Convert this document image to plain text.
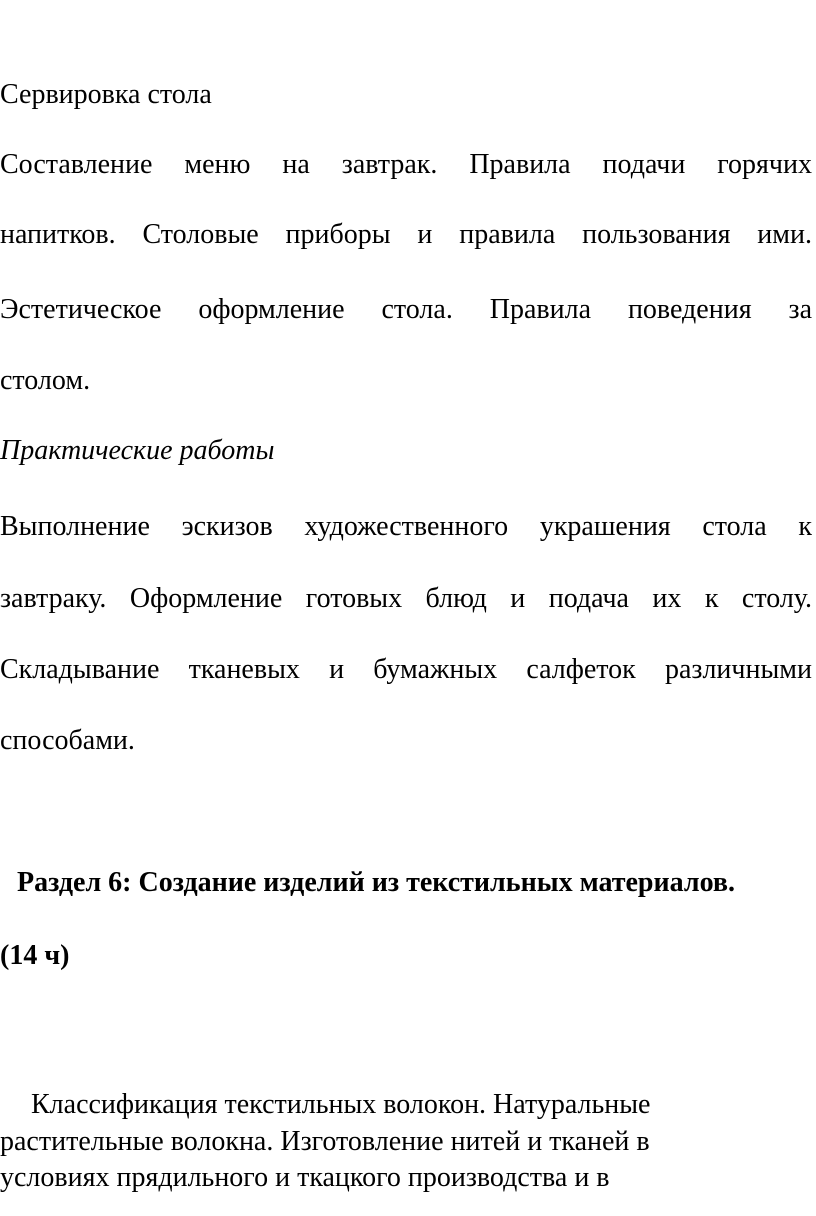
Сервировка стола
Составление меню на завтрак. Правила подачи горячих
напитков. Столовые приборы и правила пользования ими.
Эстетическое оформление стола. Правила поведения за
столом.
Практические работы
Выполнение эскизов художественного украшения стола к
завтраку. Оформление готовых блюд и подача их к столу.
Складывание тканевых и бумажных салфеток различными
способами.
Раздел 6: Создание изделий из текстильных материалов.
(14 ч)
Классификация текстильных волокон. Натуральные
растительные волокна. Изготовление нитей и тканей в
условиях прядильного и ткацкого производства и в
